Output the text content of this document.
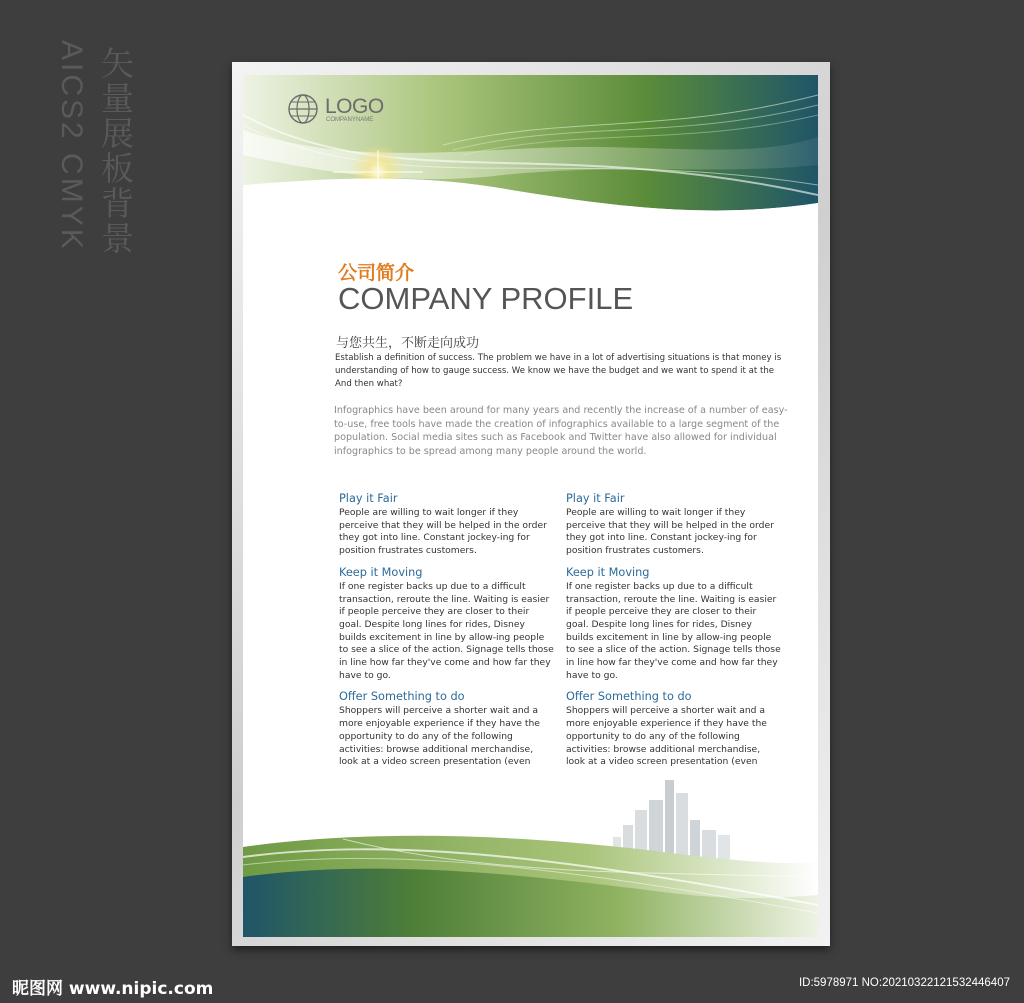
矢量展板背景
AICS2 CMYK	LOGO
COMPANYNAME
公司简介
COMPANY PROFILE
与您共生，不断走向成功
Establish a definition of success. The problem we have in a lot of advertising situations is that money is understanding of how to gauge success. We know we have the budget and we want to spend it at the And then what?
Infographics have been around for many years and recently the increase of a number of easy-to-use, free tools have made the creation of infographics available to a large segment of the population. Social media sites such as Facebook and Twitter have also allowed for individual infographics to be spread among many people around the world.
Play it Fair
People are willing to wait longer if they perceive that they will be helped in the order they got into line. Constant jockey-ing for position frustrates customers.
Keep it Moving
If one register backs up due to a difficult transaction, reroute the line. Waiting is easier if people perceive they are closer to their goal. Despite long lines for rides, Disney builds excitement in line by allow-ing people to see a slice of the action. Signage tells those in line how far they've come and how far they have to go.
Offer Something to do
Shoppers will perceive a shorter wait and a more enjoyable experience if they have the opportunity to do any of the following activities: browse additional merchandise, look at a video screen presentation (even
Play it Fair
People are willing to wait longer if they perceive that they will be helped in the order they got into line. Constant jockey-ing for position frustrates customers.
Keep it Moving
If one register backs up due to a difficult transaction, reroute the line. Waiting is easier if people perceive they are closer to their goal. Despite long lines for rides, Disney builds excitement in line by allow-ing people to see a slice of the action. Signage tells those in line how far they've come and how far they have to go.
Offer Something to do
Shoppers will perceive a shorter wait and a more enjoyable experience if they have the opportunity to do any of the following activities: browse additional merchandise, look at a video screen presentation (even
昵图网 www.nipic.com	ID:5978971 NO:20210322121532446407
